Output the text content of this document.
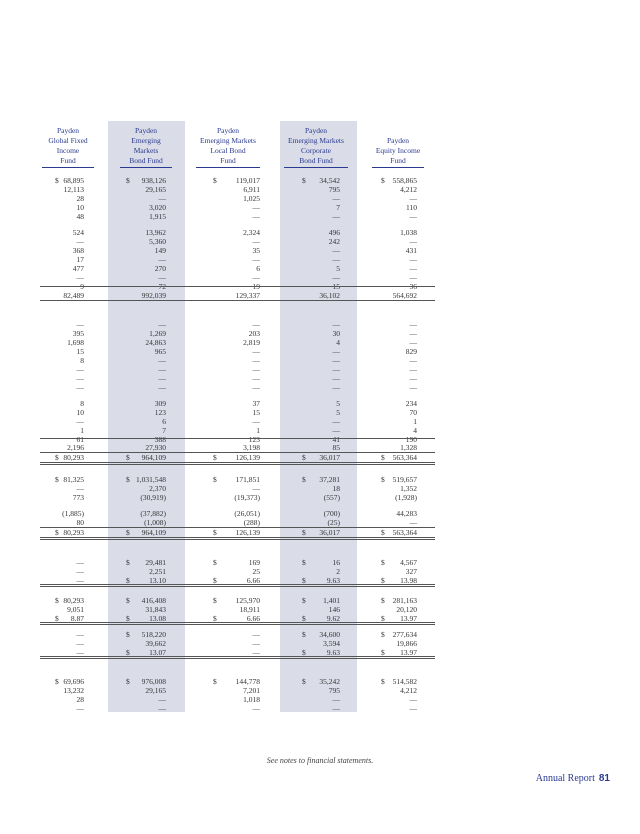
Payden
Global Fixed
Income
Fund
Payden
Emerging
Markets
Bond Fund
Payden
Emerging Markets
Local Bond
Fund
Payden
Emerging Markets
Corporate
Bond Fund
Payden
Equity Income
Fund
$ 68,895	$	938,126	$	119,017	$	34,542	$	558,865
12,113	29,165	6,911	795	4,212
28	—	1,025	—	—
10	3,020	—	7	110
48	1,915	—	—	—
524	13,962	2,324	496	1,038
—	5,360	—	242	—
368	149	35	—	431
17	—	—	—	—
477	270	6	5	—
—	—	—	—	—
9	72	19	15	36
82,489	992,039	129,337	36,102	564,692
—	—	—	—	—
395	1,269	203	30	—
1,698	24,863	2,819	4	—
15	965	—	—	829
8	—	—	—	—
—	—	—	—	—
—	—	—	—	—
—	—	—	—	—
8	309	37	5	234
10	123	15	5	70
—	6	—	—	1
1	7	1	—	4
61	388	123	41	190
2,196	27,930	3,198	85	1,328
$ 80,293	$	964,109	$	126,139	$	36,017	$	563,364
$ 81,325	$ 1,031,548	$	171,851	$	37,281	$	519,657
—	2,370	—	18	1,352
773	(30,919)	(19,373)	(557)	(1,928)
(1,885)	(37,882)	(26,051)	(700)	44,283
80	(1,008)	(288)	(25)	—
$ 80,293	$	964,109	$	126,139	$	36,017	$	563,364
—	$	29,481	$	169	$	16	$	4,567
—	2,251	25	2	327
—	$	13.10	$	6.66	$	9.63	$	13.98
$ 80,293	$	416,408	$	125,970	$	1,401	$	281,163
9,051	31,843	18,911	146	20,120
$	8.87	$	13.08	$	6.66	$	9.62	$	13.97
—	$	518,220	—	$	34,600	$	277,634
—	39,662	—	3,594	19,866
—	$	13.07	—	$	9.63	$	13.97
$ 69,696	$	976,008	$	144,778	$	35,242	$	514,582
13,232	29,165	7,201	795	4,212
28	—	1,018	—	—
—	—	—	—	—
See notes to financial statements.
Annual Report 81
